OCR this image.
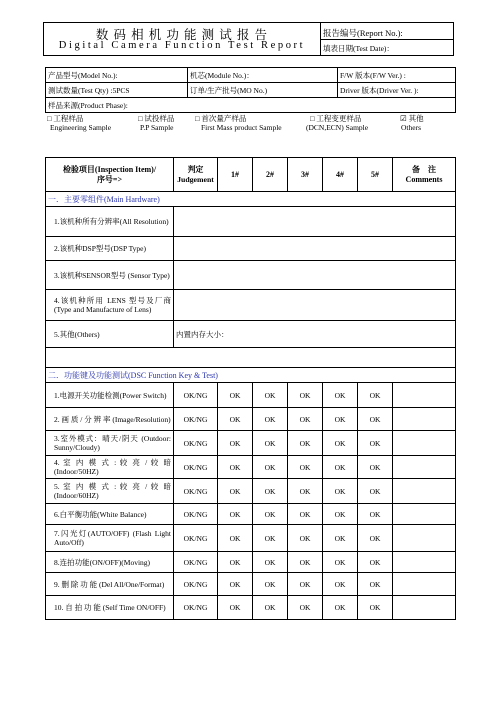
数 码 相 机 功 能 测 试 报 告
Digital Camera Function Test Report
报告编号(Report No.):
填表日期(Test Date)：
产品型号(Model No.):	机芯(Module No.)：	F/W 版本(F/W Ver.) :
测试数量(Test Qty) :5PCS	订单/生产批号(MO No.)	Driver 版本(Driver Ver. ):
样品来源(Product Phase):		
□ 工程样品
Engineering Sample
□ 试投样品
P.P Sample
□ 首次量产样品
First Mass product Sample
□ 工程变更样品
(DCN,ECN) Sample
☑ 其他
Others
检验项目(Inspection Item)/
序号=>	判定
Judgement	1#	2#	3#	4#	5#	备　注
Comments
一．主要零组件(Main Hardware)							
1.该机种所有分辨率(All Resolution)							
2.该机种DSP型号(DSP Type)							
3.该机种SENSOR型号 (Sensor Type)							
4.该机种所用 LENS 型号及厂商(Type and Manufacture of Lens)							
5.其他(Others)	内置内存大小：						

二．功能键及功能测试(DSC Function Key & Test)							
1.电源开关功能检测(Power Switch)	OK/NG	OK	OK	OK	OK	OK	
2. 画 质 / 分 辨 率 (Image/Resolution)	OK/NG	OK	OK	OK	OK	OK	
3.室外模式：晴天/阴天 (Outdoor: Sunny/Cloudy)	OK/NG	OK	OK	OK	OK	OK	
4. 室 内 模 式 : 较 亮 / 较 暗 (Indoor/50HZ)	OK/NG	OK	OK	OK	OK	OK	
5. 室 内 模 式 : 较 亮 / 较 暗 (Indoor/60HZ)	OK/NG	OK	OK	OK	OK	OK	
6.白平衡功能(White Balance)	OK/NG	OK	OK	OK	OK	OK	
7.闪光灯(AUTO/OFF) (Flash Light Auto/Off)	OK/NG	OK	OK	OK	OK	OK	
8.连拍功能(ON/OFF)(Moving)	OK/NG	OK	OK	OK	OK	OK	
9. 删 除 功 能 (Del All/One/Format)	OK/NG	OK	OK	OK	OK	OK	
10. 自 拍 功 能 (Self Time ON/OFF)	OK/NG	OK	OK	OK	OK	OK	
